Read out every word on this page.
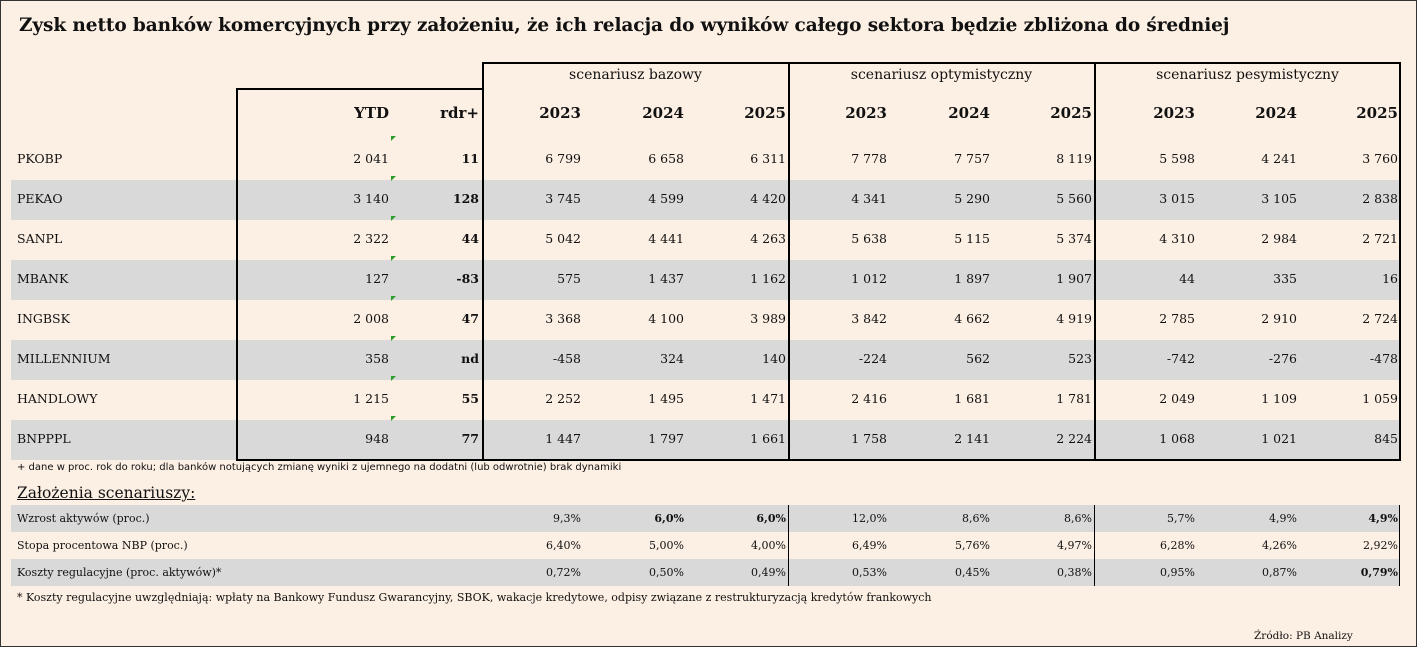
Zysk netto banków komercyjnych przy założeniu, że ich relacja do wyników całego sektora będzie zbliżona do średniej
scenariusz bazowy	scenariusz optymistyczny	scenariusz pesymistyczny
YTD	rdr+	2023	2024	2025	2023	2024	2025	2023	2024	2025
PKOBP	2 041	11	6 799	6 658	6 311	7 778	7 757	8 119	5 598	4 241	3 760
PEKAO	3 140	128	3 745	4 599	4 420	4 341	5 290	5 560	3 015	3 105	2 838
SANPL	2 322	44	5 042	4 441	4 263	5 638	5 115	5 374	4 310	2 984	2 721
MBANK	127	-83	575	1 437	1 162	1 012	1 897	1 907	44	335	16
INGBSK	2 008	47	3 368	4 100	3 989	3 842	4 662	4 919	2 785	2 910	2 724
MILLENNIUM	358	nd	-458	324	140	-224	562	523	-742	-276	-478
HANDLOWY	1 215	55	2 252	1 495	1 471	2 416	1 681	1 781	2 049	1 109	1 059
BNPPPL	948	77	1 447	1 797	1 661	1 758	2 141	2 224	1 068	1 021	845
+ dane w proc. rok do roku; dla banków notujących zmianę wyniki z ujemnego na dodatni (lub odwrotnie) brak dynamiki
Założenia scenariuszy:
Wzrost aktywów (proc.)	9,3%	6,0%	6,0%	12,0%	8,6%	8,6%	5,7%	4,9%	4,9%
Stopa procentowa NBP (proc.)	6,40%	5,00%	4,00%	6,49%	5,76%	4,97%	6,28%	4,26%	2,92%
Koszty regulacyjne (proc. aktywów)*	0,72%	0,50%	0,49%	0,53%	0,45%	0,38%	0,95%	0,87%	0,79%
* Koszty regulacyjne uwzględniają: wpłaty na Bankowy Fundusz Gwarancyjny, SBOK, wakacje kredytowe, odpisy związane z restrukturyzacją kredytów frankowych
Źródło: PB Analizy
